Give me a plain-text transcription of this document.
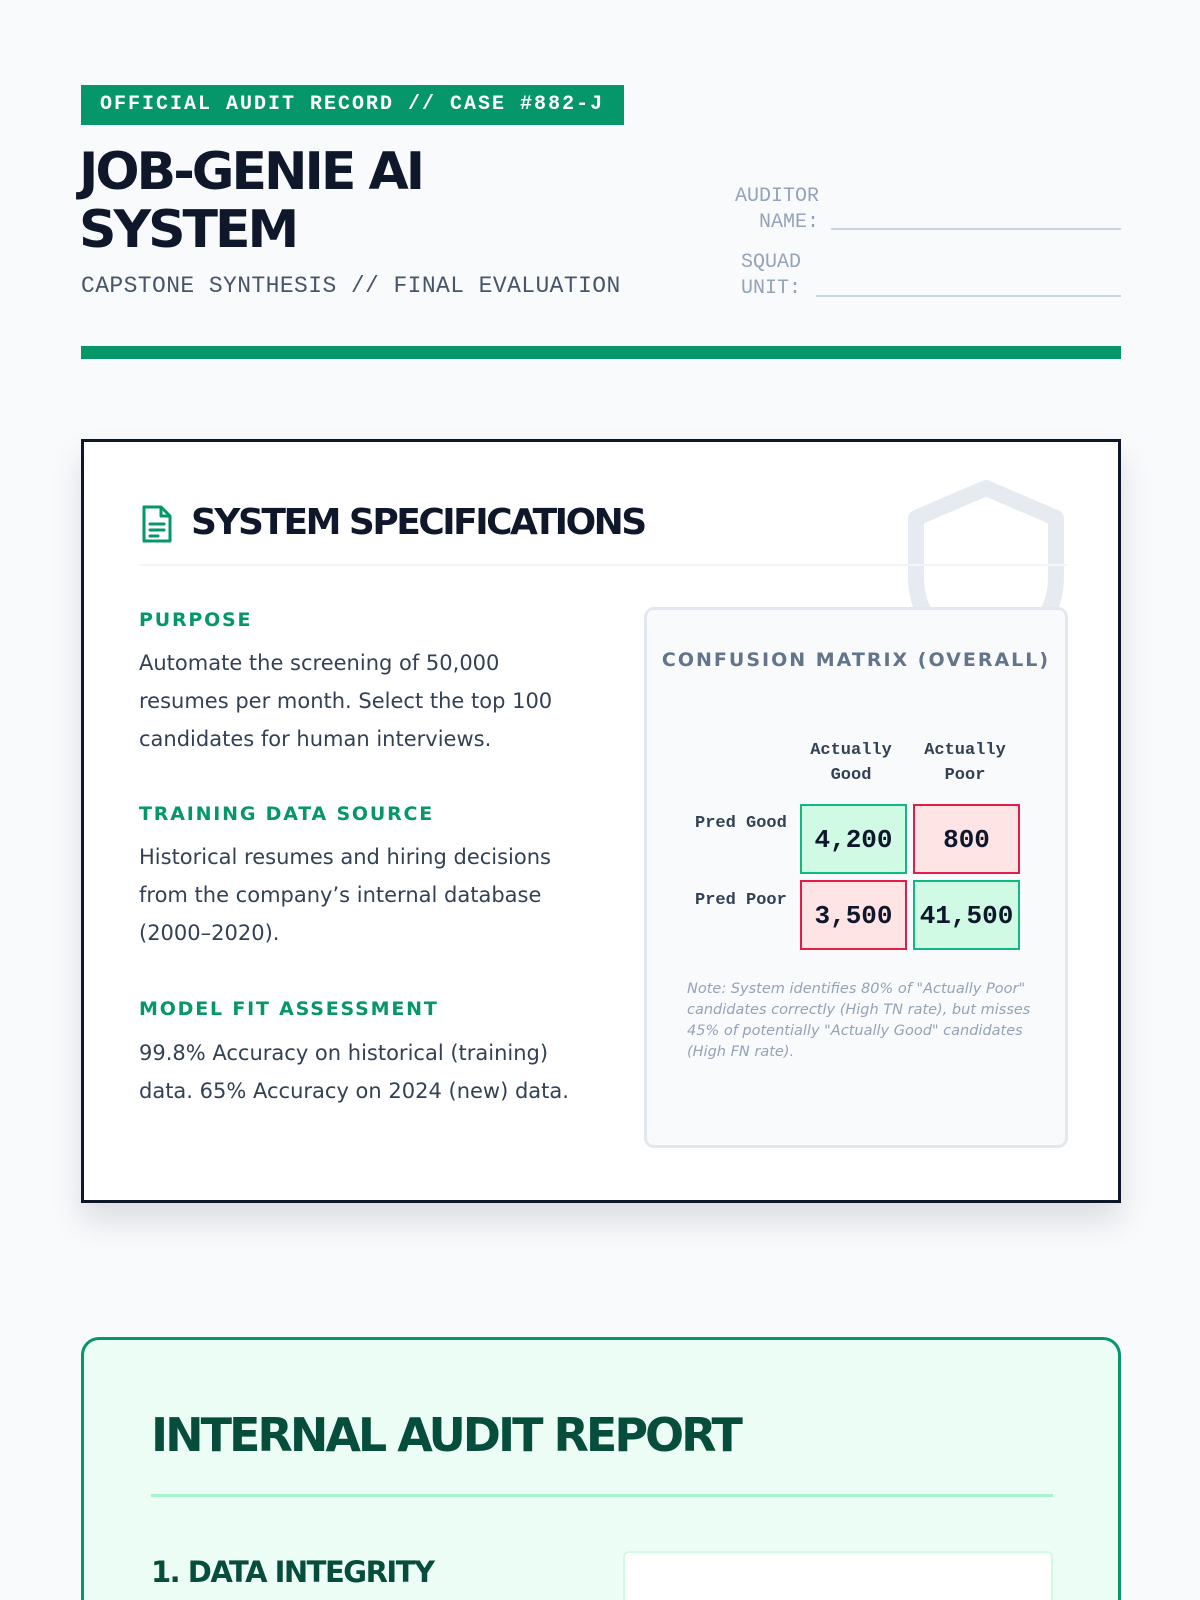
OFFICIAL AUDIT RECORD // CASE #882-J
JOB-GENIE AI
SYSTEM
CAPSTONE SYNTHESIS // FINAL EVALUATION
AUDITOR
NAME:
SQUAD
UNIT:
SYSTEM SPECIFICATIONS
PURPOSE
Automate the screening of 50,000 resumes per month. Select the top 100 candidates for human interviews.
TRAINING DATA SOURCE
Historical resumes and hiring decisions from the company’s internal database (2000–2020).
MODEL FIT ASSESSMENT
99.8% Accuracy on historical (training) data. 65% Accuracy on 2024 (new) data.
CONFUSION MATRIX (OVERALL)
Actually
Good
Actually
Poor
Pred Good
Pred Poor
4,200	800
3,500	41,500
Note: System identifies 80% of "Actually Poor" candidates correctly (High TN rate), but misses 45% of potentially "Actually Good" candidates (High FN rate).
INTERNAL AUDIT REPORT
1. DATA INTEGRITY
